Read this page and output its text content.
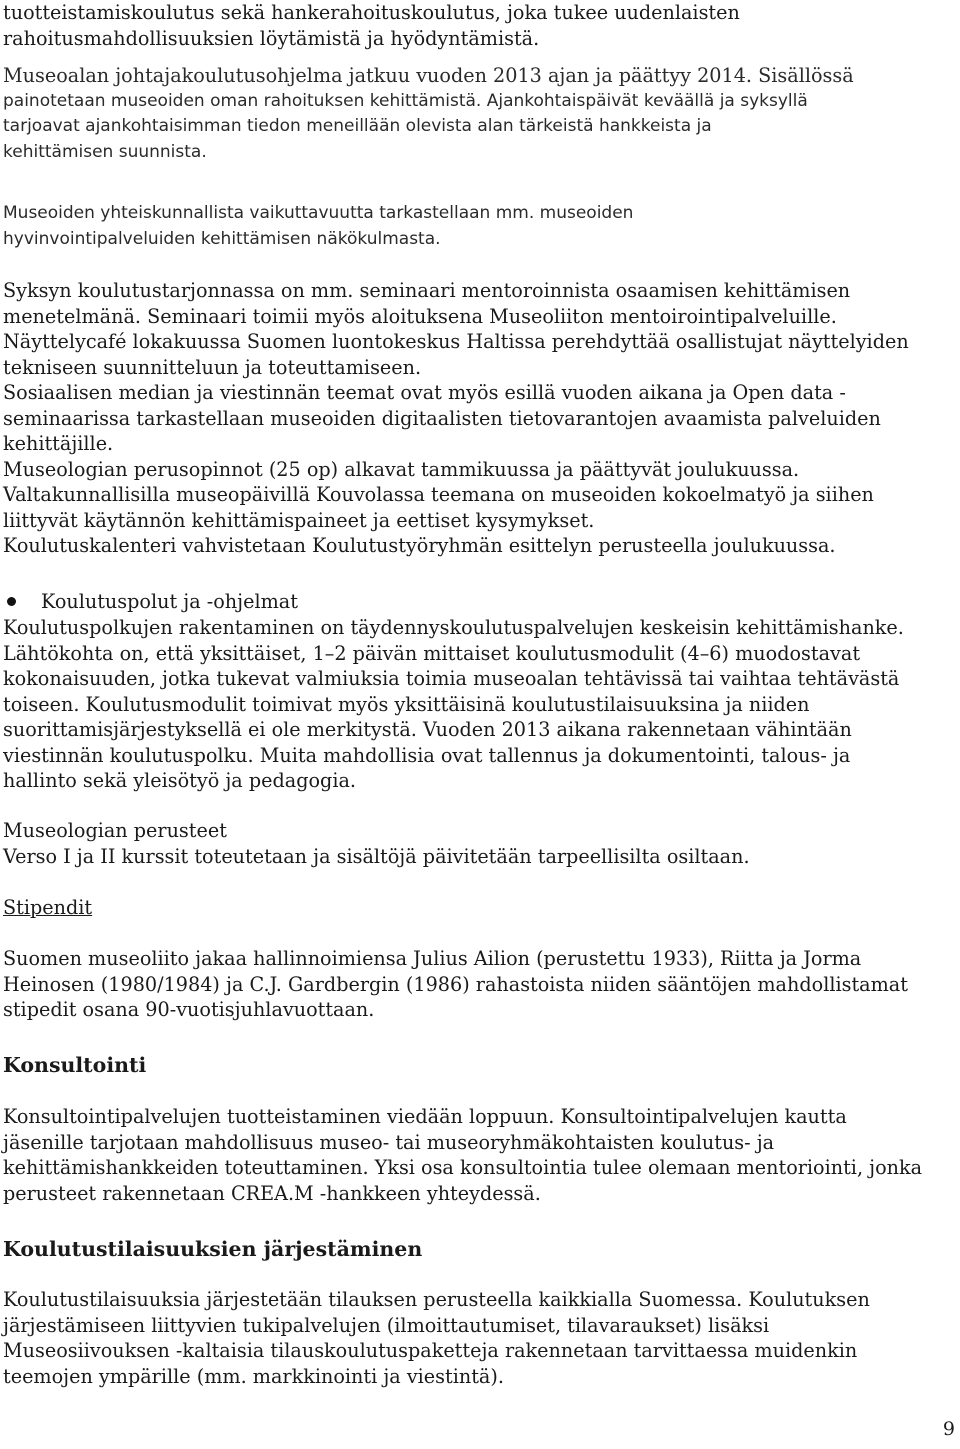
tuotteistamiskoulutus sekä hankerahoituskoulutus, joka tukee uudenlaisten

rahoitusmahdollisuuksien löytämistä ja hyödyntämistä.

Museoalan johtajakoulutusohjelma jatkuu vuoden 2013 ajan ja päättyy 2014. Sisällössä

painotetaan museoiden oman rahoituksen kehittämistä. Ajankohtaispäivät keväällä ja syksyllä

tarjoavat ajankohtaisimman tiedon meneillään olevista alan tärkeistä hankkeista ja

kehittämisen suunnista.

Museoiden yhteiskunnallista vaikuttavuutta tarkastellaan mm. museoiden

hyvinvointipalveluiden kehittämisen näkökulmasta.

Syksyn koulutustarjonnassa on mm. seminaari mentoroinnista osaamisen kehittämisen

menetelmänä. Seminaari toimii myös aloituksena Museoliiton mentoirointipalveluille.

Näyttelycafé lokakuussa Suomen luontokeskus Haltissa perehdyttää osallistujat näyttelyiden

tekniseen suunnitteluun ja toteuttamiseen.

Sosiaalisen median ja viestinnän teemat ovat myös esillä vuoden aikana ja Open data -

seminaarissa tarkastellaan museoiden digitaalisten tietovarantojen avaamista palveluiden

kehittäjille.

Museologian perusopinnot (25 op) alkavat tammikuussa ja päättyvät joulukuussa.

Valtakunnallisilla museopäivillä Kouvolassa teemana on museoiden kokoelmatyö ja siihen

liittyvät käytännön kehittämispaineet ja eettiset kysymykset.

Koulutuskalenteri vahvistetaan Koulutustyöryhmän esittelyn perusteella joulukuussa.

Koulutuspolut ja -ohjelmat

Koulutuspolkujen rakentaminen on täydennyskoulutuspalvelujen keskeisin kehittämishanke.

Lähtökohta on, että yksittäiset, 1–2 päivän mittaiset koulutusmodulit (4–6) muodostavat

kokonaisuuden, jotka tukevat valmiuksia toimia museoalan tehtävissä tai vaihtaa tehtävästä

toiseen. Koulutusmodulit toimivat myös yksittäisinä koulutustilaisuuksina ja niiden

suorittamisjärjestyksellä ei ole merkitystä. Vuoden 2013 aikana rakennetaan vähintään

viestinnän koulutuspolku. Muita mahdollisia ovat tallennus ja dokumentointi, talous- ja

hallinto sekä yleisötyö ja pedagogia.

Museologian perusteet

Verso I ja II kurssit toteutetaan ja sisältöjä päivitetään tarpeellisilta osiltaan.

Stipendit

Suomen museoliito jakaa hallinnoimiensa Julius Ailion (perustettu 1933), Riitta ja Jorma

Heinosen (1980/1984) ja C.J. Gardbergin (1986) rahastoista niiden sääntöjen mahdollistamat

stipedit osana 90-vuotisjuhlavuottaan.

Konsultointi

Konsultointipalvelujen tuotteistaminen viedään loppuun. Konsultointipalvelujen kautta

jäsenille tarjotaan mahdollisuus museo- tai museoryhmäkohtaisten koulutus- ja

kehittämishankkeiden toteuttaminen. Yksi osa konsultointia tulee olemaan mentoriointi, jonka

perusteet rakennetaan CREA.M -hankkeen yhteydessä.

Koulutustilaisuuksien järjestäminen

Koulutustilaisuuksia järjestetään tilauksen perusteella kaikkialla Suomessa. Koulutuksen

järjestämiseen liittyvien tukipalvelujen (ilmoittautumiset, tilavaraukset) lisäksi

Museosiivouksen -kaltaisia tilauskoulutuspaketteja rakennetaan tarvittaessa muidenkin

teemojen ympärille (mm. markkinointi ja viestintä).

9
